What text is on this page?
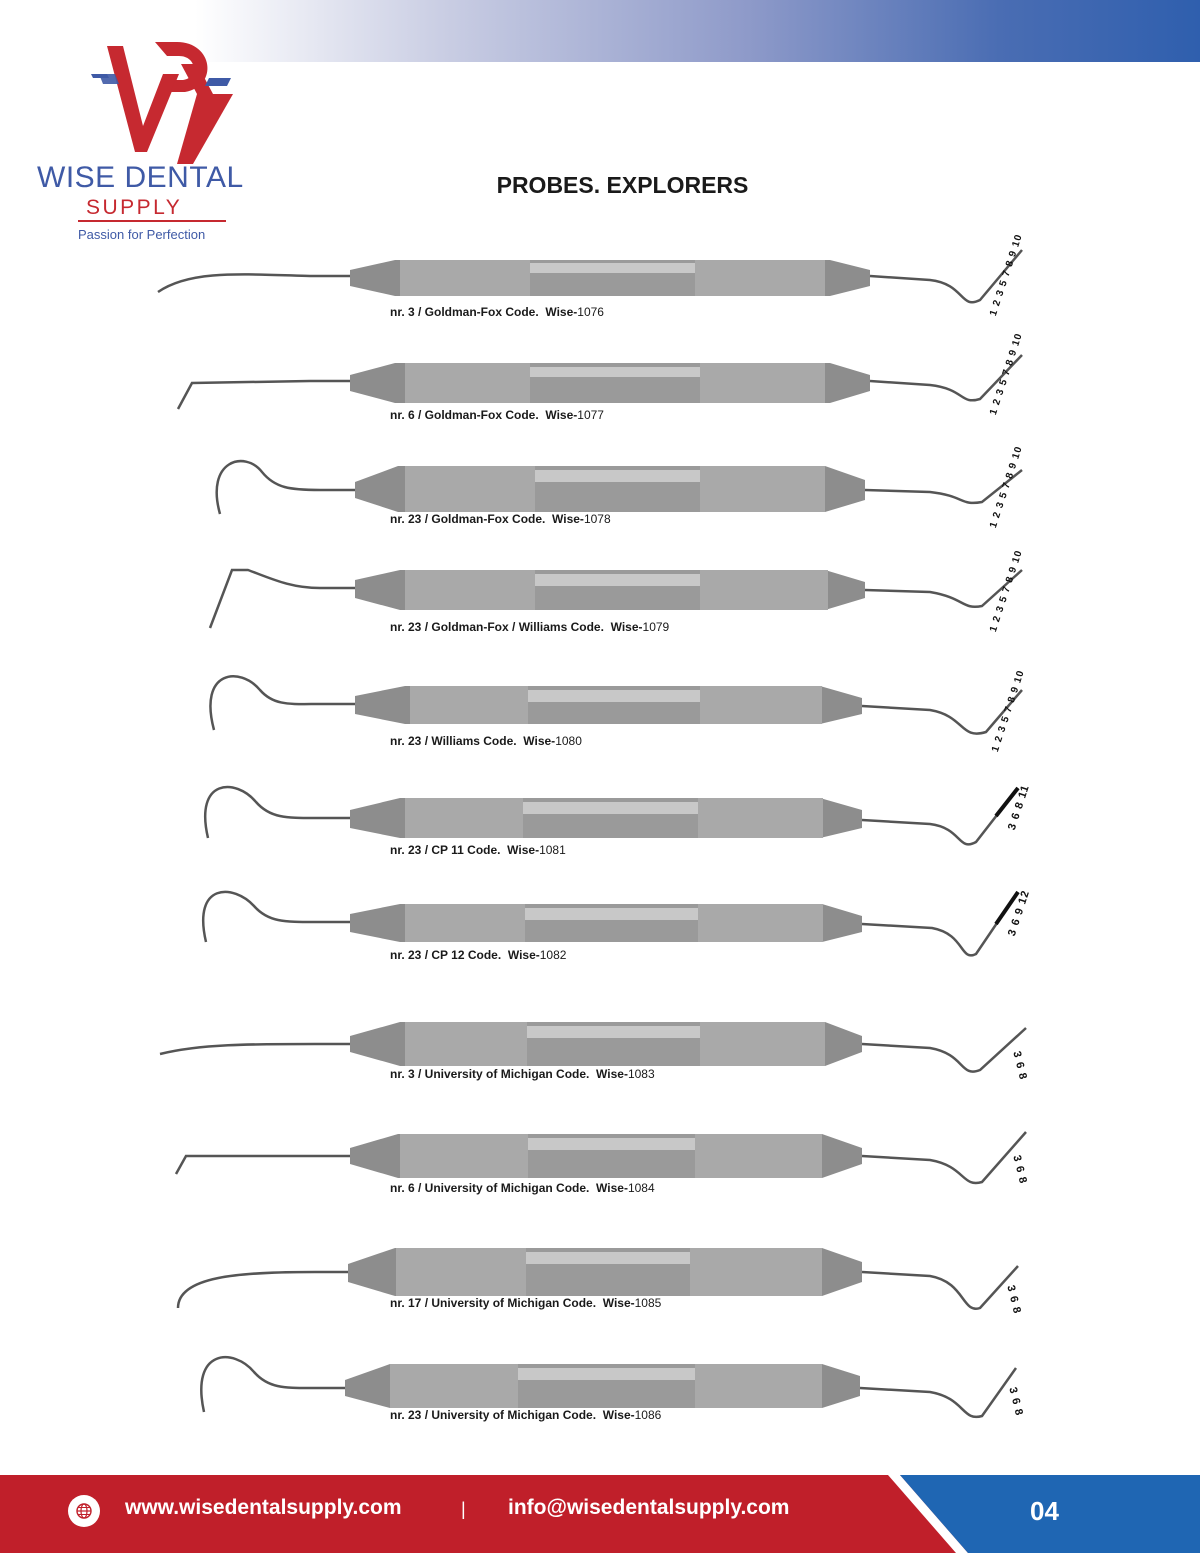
WISE DENTAL
SUPPLY
Passion for Perfection
PROBES. EXPLORERS
nr. 3 / Goldman-Fox Code. Wise-1076	1 2 3 5 7 8 9 10
nr. 6 / Goldman-Fox Code. Wise-1077	1 2 3 5 7 8 9 10
nr. 23 / Goldman-Fox Code. Wise-1078	1 2 3 5 7 8 9 10
nr. 23 / Goldman-Fox / Williams Code. Wise-1079	1 2 3 5 7 8 9 10
nr. 23 / Williams Code. Wise-1080	1 2 3 5 7 8 9 10
nr. 23 / CP 11 Code. Wise-1081
3 6 8 11
nr. 23 / CP 12 Code. Wise-1082
3 6 9 12
nr. 3 / University of Michigan Code. Wise-1083	3 6 8
nr. 6 / University of Michigan Code. Wise-1084
3 6 8
nr. 17 / University of Michigan Code. Wise-1085	3 6 8
nr. 23 / University of Michigan Code. Wise-1086	3 6 8
www.wisedentalsupply.com	| info@wisedentalsupply.com	04
